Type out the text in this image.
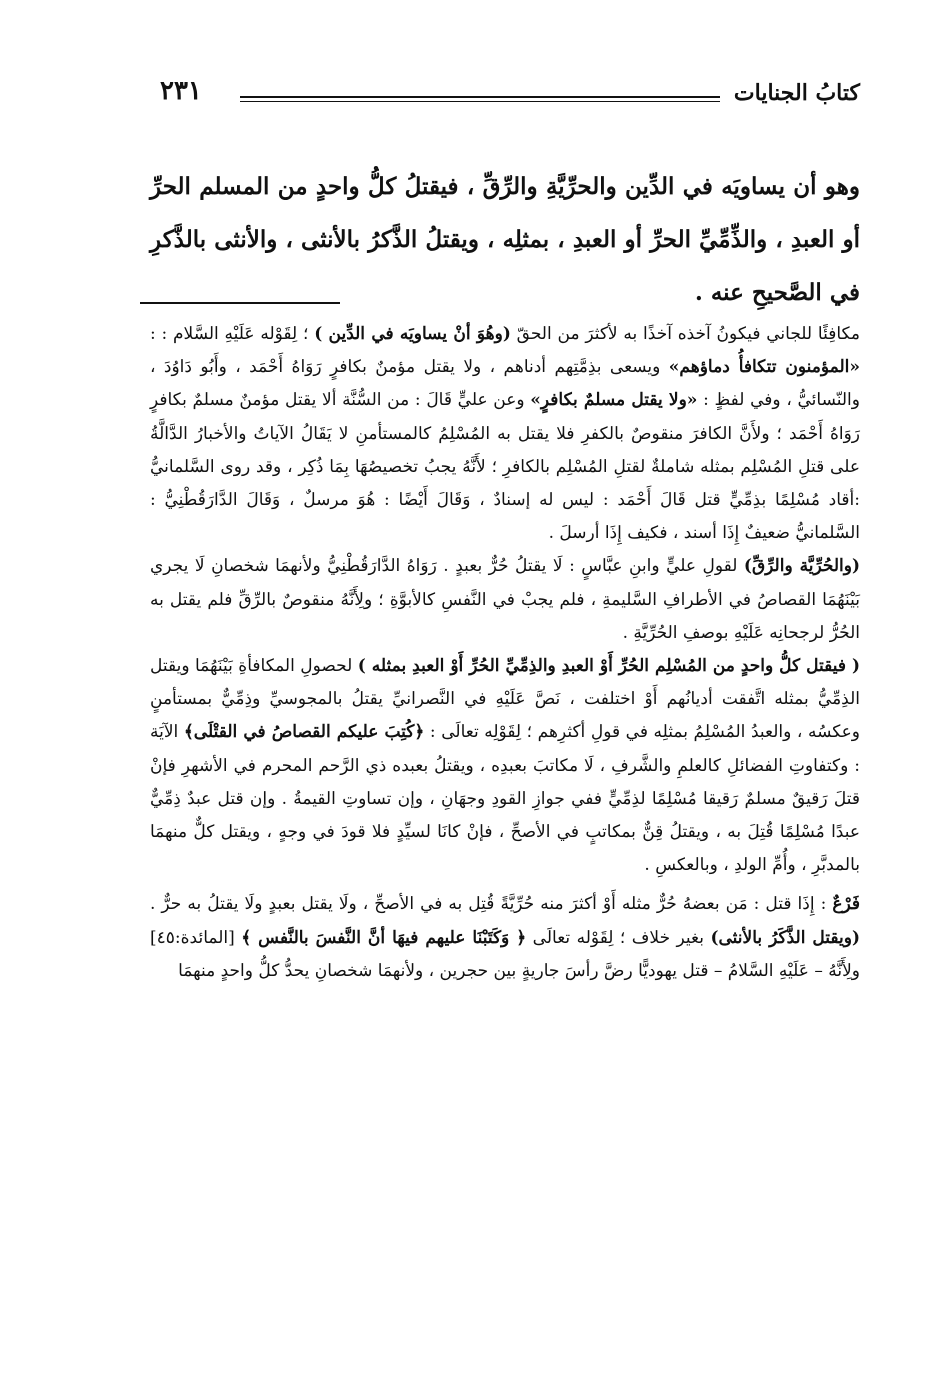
كتابُ الجنايات
٢٣١
وهو أن يساويَه في الدِّين والحرِّيَّةِ والرِّقِّ ، فيقتلُ كلُّ واحدٍ من المسلم الحرِّ أو العبدِ ، والذِّمِّيِّ الحرِّ أو العبدِ ، بمثلِه ، ويقتلُ الذَّكرُ بالأنثى ، والأنثى بالذَّكرِ في الصَّحيحِ عنه .

مكافِئًا للجاني فيكونُ آخذه آخذًا به لأكثرَ من الحقّ (وهُوَ أنْ يساويَه في الدِّين ) ؛ لِقَوْله عَلَيْهِ السَّلام : : «المؤمنون تتكافأُ دماؤهم» ويسعى بذِمَّتِهم أدناهم ، ولا يقتل مؤمنٌ بكافرٍ رَوَاهُ أَحْمَد ، وأَبُو دَاوُدَ ، والنّسائيُّ ، وفي لفظٍ : «ولا يقتل مسلمٌ بكافرٍ» وعن عليٍّ قَالَ : من السُّنَّة ألا يقتل مؤمنٌ مسلمٌ بكافرٍ رَوَاهُ أَحْمَد ؛ ولأَنَّ الكافرَ منقوصٌ بالكفرِ فلا يقتل به المُسْلِمُ كالمستأمنِ لا يَقَالُ الآياتُ والأخبارُ الدَّالَّةُ على قتلِ المُسْلِم بمثله شاملةٌ لقتلِ المُسْلِم بالكافرِ ؛ لأَنَّهُ يجبُ تخصيصُهَا بِمَا ذُكِر ، وقد روى السَّلمانيُّ :أقاد مُسْلِمًا بذِمِّيٍّ قتل قَالَ أَحْمَد : ليس له إسنادٌ ، وَقَالَ أَيْضًا : هُوَ مرسلٌ ، وَقَالَ الدَّارَقُطْنِيُّ : السَّلمانيُّ ضعيفٌ إِذَا أسند ، فكيف إِذَا أرسلَ .

(والحُرِّيَّة والرِّقِّ) لقولِ عليٍّ وابنِ عبَّاسٍ : لَا يقتلُ حُرٌّ بعبدٍ . رَوَاهُ الدَّارَقُطْنِيُّ ولأنهمَا شخصانِ لَا يجري بَيْنَهُمَا القصاصُ في الأطرافِ السَّليمةِ ، فلم يجبْ في النَّفسِ كالأبوَّةِ ؛ ولِأَنَّهُ منقوصٌ بالرِّقِّ فلم يقتل به الحُرُّ لرجحانِه عَلَيْهِ بوصفِ الحُرِّيَّةِ .

( فيقتل كلُّ واحدٍ من المُسْلِم الحُرِّ أَوْ العبدِ والذِمِّيِّ الحُرِّ أَوْ العبدِ بمثله ) لحصولِ المكافأةِ بَيْنَهُمَا ويقتل الذِمِّيُّ بمثله اتَّفقت أديانُهم أَوْ اختلفت ، نَصَّ عَلَيْهِ في النَّصرانيِّ يقتلُ بالمجوسيِّ وذِمِّيٌّ بمستأمنٍ وعكسُه ، والعبدُ المُسْلِمُ بمثلِه في قولِ أكثرِهم ؛ لِقَوْلِه تعالَى : ﴿كُتِبَ عليكم القصاصُ في القتْلَى﴾ الآيَة : وكتفاوتِ الفضائلِ كالعلمِ والشَّرفِ ، لَا مكاتبَ بعبدِه ، ويقتلُ بعبده ذي الرَّحم المحرم في الأشهرِ فإنْ قتلَ رَقيقٌ مسلمٌ رَقيقا مُسْلِمًا لذِمِّيٍّ ففي جوازِ القودِ وجهَانِ ، وإن تساوتِ القيمةُ . وإن قتل عبدٌ ذِمِّيٌّ عبدًا مُسْلِمًا قُتِلَ به ، ويقتلُ قِنٌّ بمكاتبٍ في الأصحِّ ، فإنْ كانَا لسيِّدٍ فلا قودَ في وجهٍ ، ويقتل كلٌّ منهمَا بالمدبَّرِ ، وأُمِّ الولدِ ، وبالعكسِ .

فَرْعٌ : إِذَا قتل : مَن بعضهُ حُرٌّ مثله أَوْ أكثرَ منه حُرِّيَّةً قُتِل به في الأصحِّ ، ولَا يقتل بعبدٍ ولَا يقتلُ به حرٌّ . (ويقتل الذَّكَرُ بالأنثى) بغير خلاف ؛ لِقَوْله تعالَى ﴿ وَكَتَبْنَا عليهم فيهَا أنَّ النَّفسَ بالنَّفس ﴾ [المائدة:٤٥] ولِأَنَّهُ – عَلَيْهِ السَّلامُ – قتل يهوديًّا رضَّ رأسَ جاريةٍ بين حجرين ، ولأنهمَا شخصانِ يحدُّ كلُّ واحدٍ منهمَا
